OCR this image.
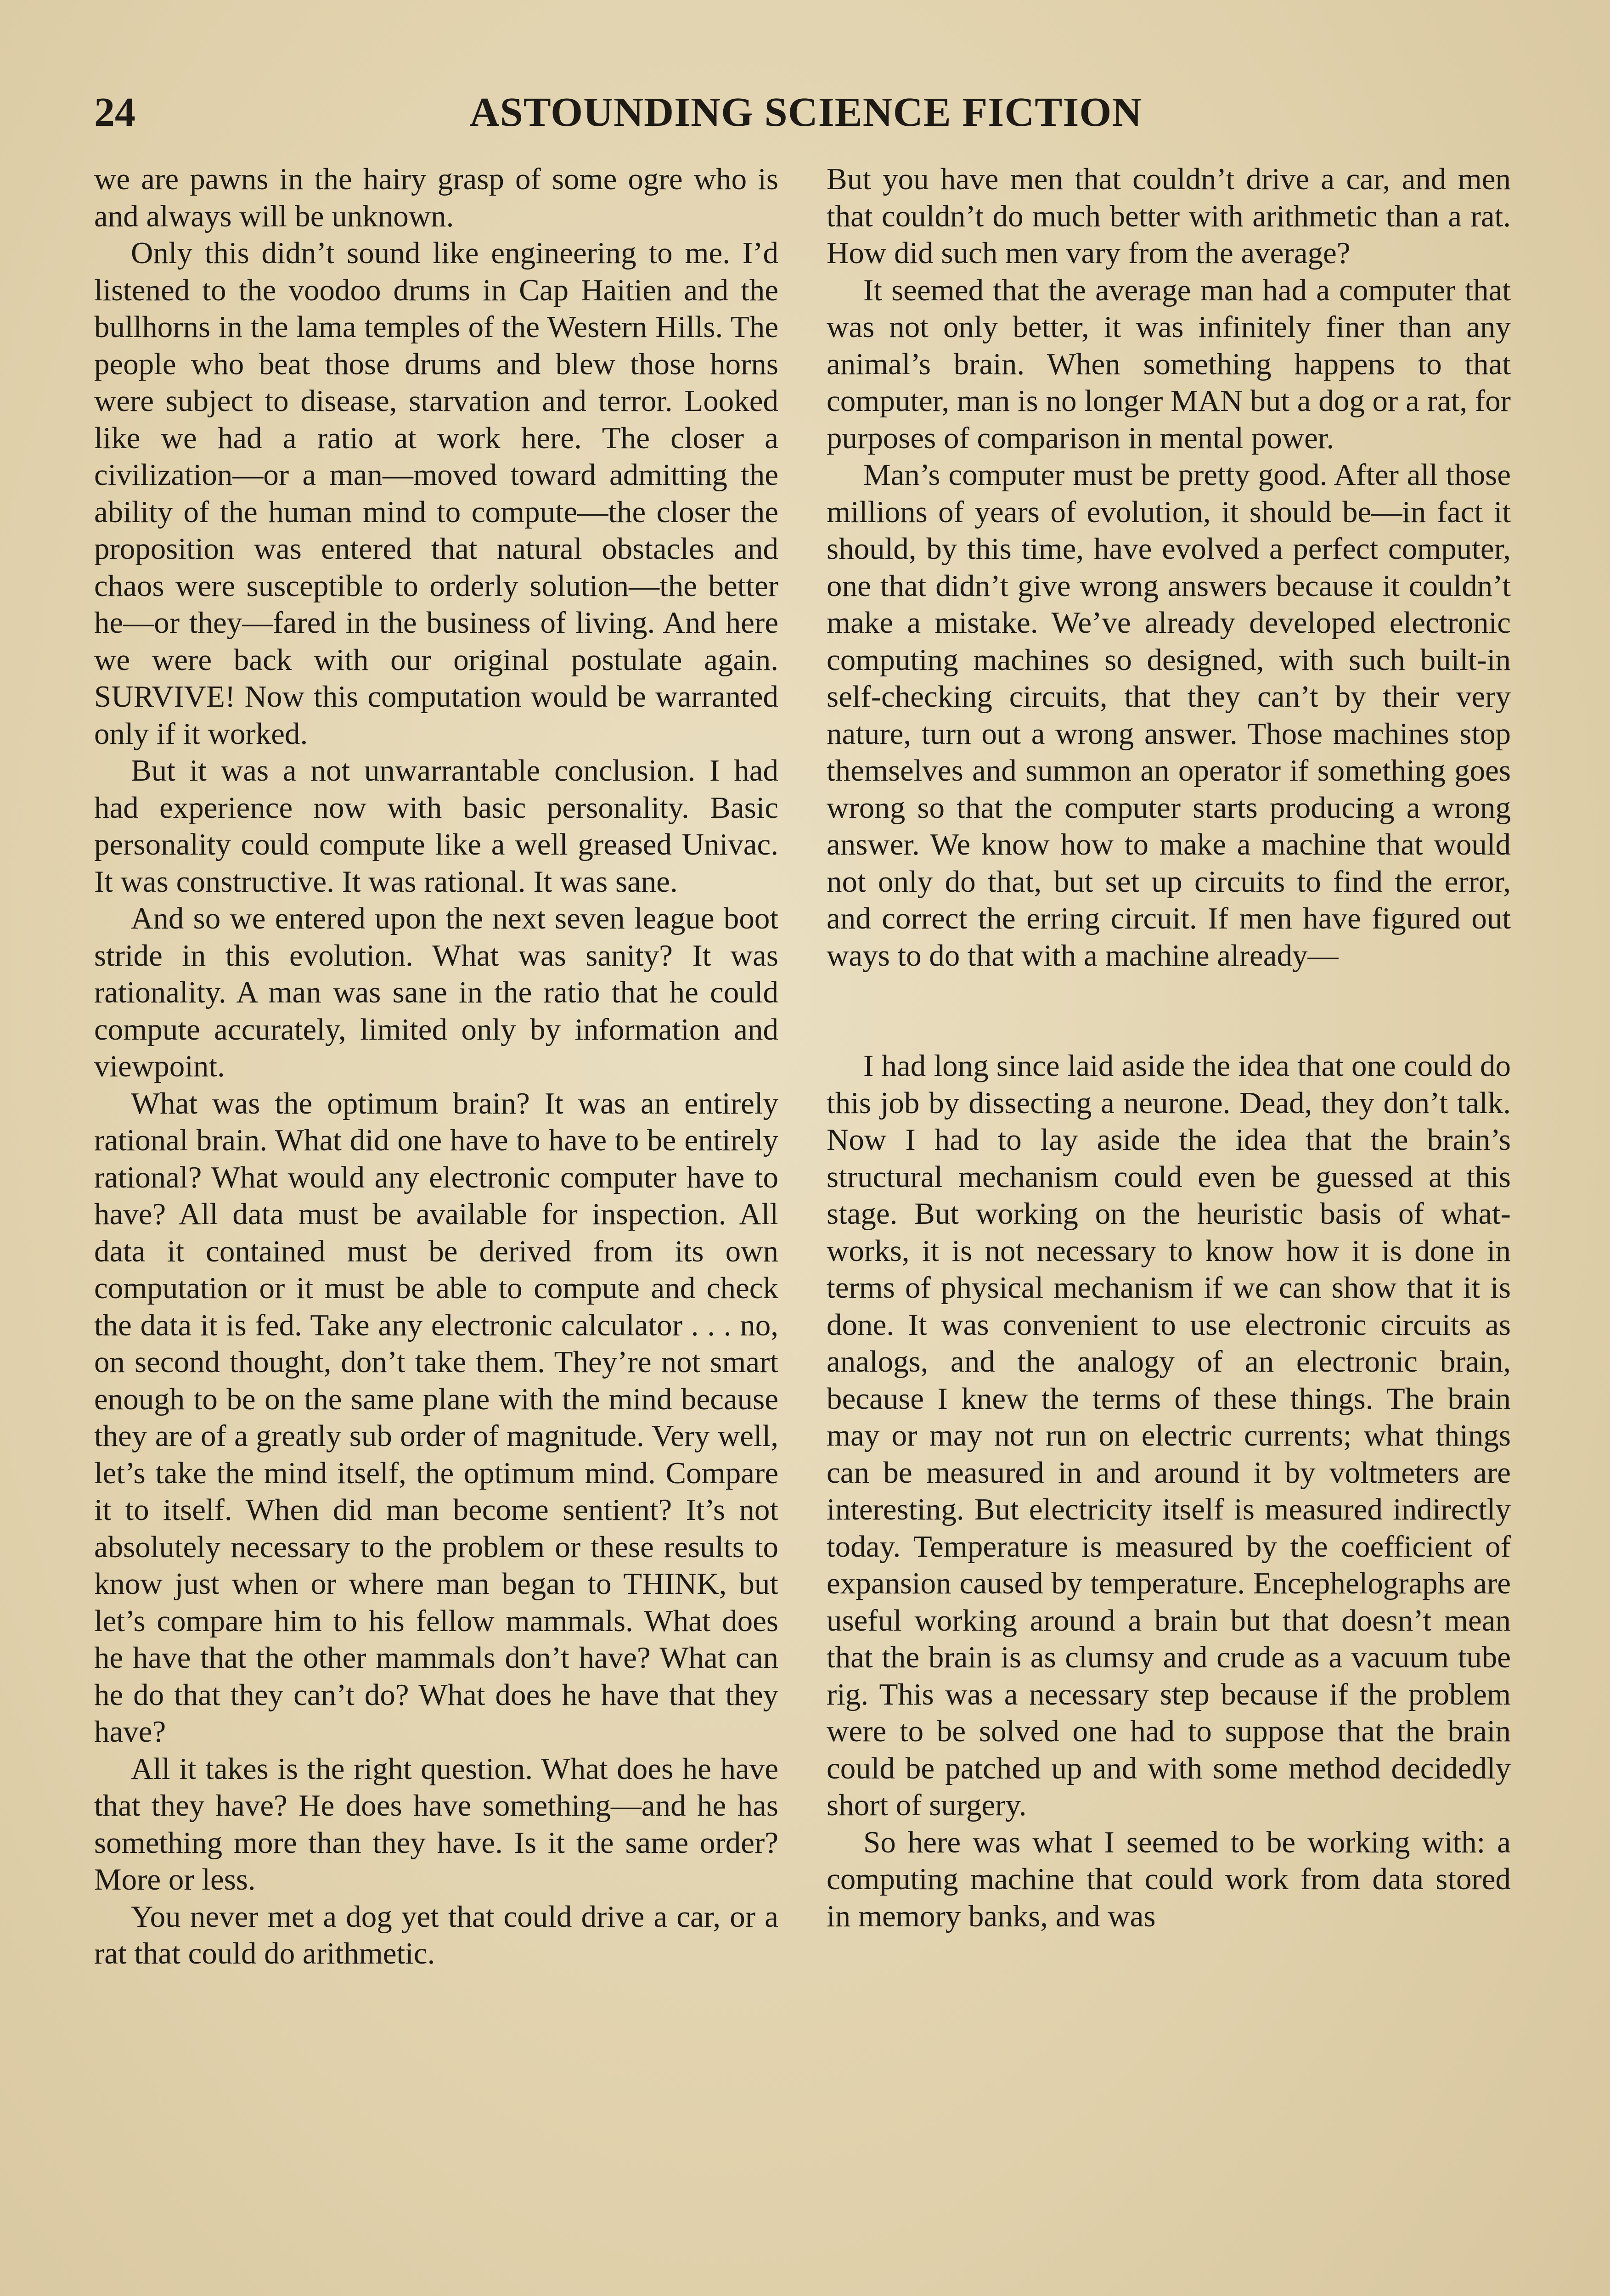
24	ASTOUNDING SCIENCE FICTION

we are pawns in the hairy grasp of some ogre who is and always will be unknown.

Only this didn’t sound like engineering to me. I’d listened to the voodoo drums in Cap Haitien and the bullhorns in the lama temples of the Western Hills. The people who beat those drums and blew those horns were subject to disease, starvation and terror. Looked like we had a ratio at work here. The closer a civilization—or a man—moved toward admitting the ability of the human mind to compute—the closer the proposition was entered that natural obstacles and chaos were susceptible to orderly solution—the better he—or they—fared in the business of living. And here we were back with our original postulate again. SURVIVE! Now this computation would be warranted only if it worked.

But it was a not unwarrantable conclusion. I had had experience now with basic personality. Basic personality could compute like a well greased Univac. It was constructive. It was rational. It was sane.

And so we entered upon the next seven league boot stride in this evolution. What was sanity? It was rationality. A man was sane in the ratio that he could compute accurately, limited only by information and viewpoint.

What was the optimum brain? It was an entirely rational brain. What did one have to have to be entirely rational? What would any electronic computer have to have? All data must be available for inspection. All data it contained must be derived from its own computation or it must be able to compute and check the data it is fed. Take any electronic calculator . . . no, on second thought, don’t take them. They’re not smart enough to be on the same plane with the mind because they are of a greatly sub order of magnitude. Very well, let’s take the mind itself, the optimum mind. Compare it to itself. When did man become sentient? It’s not absolutely necessary to the problem or these results to know just when or where man began to THINK, but let’s compare him to his fellow mammals. What does he have that the other mammals don’t have? What can he do that they can’t do? What does he have that they have?

All it takes is the right question. What does he have that they have? He does have something—and he has something more than they have. Is it the same order? More or less.

You never met a dog yet that could drive a car, or a rat that could do arithmetic.

But you have men that couldn’t drive a car, and men that couldn’t do much better with arithmetic than a rat. How did such men vary from the average?

It seemed that the average man had a computer that was not only better, it was infinitely finer than any animal’s brain. When something happens to that computer, man is no longer MAN but a dog or a rat, for purposes of comparison in mental power.

Man’s computer must be pretty good. After all those millions of years of evolution, it should be—in fact it should, by this time, have evolved a perfect computer, one that didn’t give wrong answers because it couldn’t make a mistake. We’ve already developed electronic computing machines so designed, with such built-in self-checking circuits, that they can’t by their very nature, turn out a wrong answer. Those machines stop themselves and summon an operator if something goes wrong so that the computer starts producing a wrong answer. We know how to make a machine that would not only do that, but set up circuits to find the error, and correct the erring circuit. If men have figured out ways to do that with a machine already—

I had long since laid aside the idea that one could do this job by dissecting a neurone. Dead, they don’t talk. Now I had to lay aside the idea that the brain’s structural mechanism could even be guessed at this stage. But working on the heuristic basis of what-works, it is not necessary to know how it is done in terms of physical mechanism if we can show that it is done. It was convenient to use electronic circuits as analogs, and the analogy of an electronic brain, because I knew the terms of these things. The brain may or may not run on electric currents; what things can be measured in and around it by voltmeters are interesting. But electricity itself is measured indirectly today. Temperature is measured by the coefficient of expansion caused by temperature. Encephelographs are useful working around a brain but that doesn’t mean that the brain is as clumsy and crude as a vacuum tube rig. This was a necessary step because if the problem were to be solved one had to suppose that the brain could be patched up and with some method decidedly short of surgery.

So here was what I seemed to be working with: a computing machine that could work from data stored in memory banks, and was
